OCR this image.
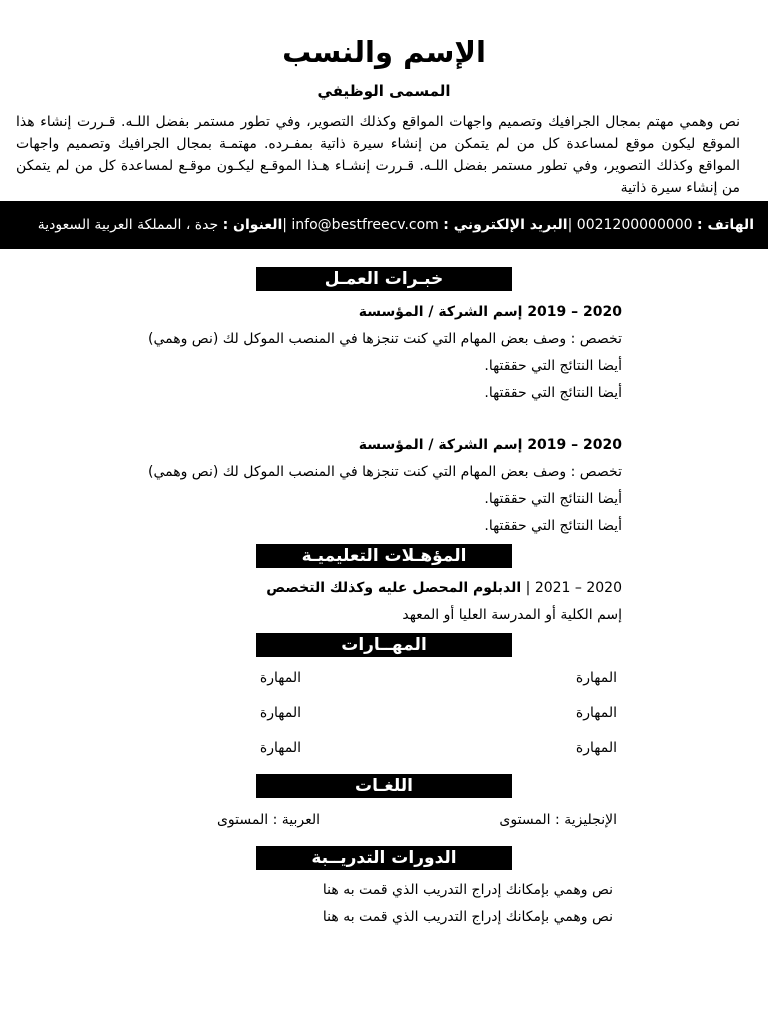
الإسم والنسب
المسمى الوظيفي
نص وهمي مهتم بمجال الجرافيك وتصميم واجهات المواقع وكذلك التصوير، وفي تطور مستمر بفضل اللـه. قـررت إنشاء هذا الموقع ليكون موقع لمساعدة كل من لم يتمكن من إنشاء سيرة ذاتية بمفـرده. مهتمـة بمجال الجرافيك وتصميم واجهات المواقع وكذلك التصوير، وفي تطور مستمر بفضل اللـه. قـررت إنشـاء هـذا الموقـع ليكـون موقـع لمساعدة كل من لم يتمكن من إنشاء سيرة ذاتية
الهاتف : 0021200000000 |البريد الإلكتروني : info@bestfreecv.com |العنوان : جدة ، المملكة العربية السعودية
خبـرات العمـل
2020 – 2019 إسم الشركة / المؤسسة
تخصص : وصف بعض المهام التي كنت تنجزها في المنصب الموكل لك (نص وهمي)
أيضا النتائج التي حققتها.
أيضا النتائج التي حققتها.
2020 – 2019 إسم الشركة / المؤسسة
تخصص : وصف بعض المهام التي كنت تنجزها في المنصب الموكل لك (نص وهمي)
أيضا النتائج التي حققتها.
أيضا النتائج التي حققتها.
المؤهـلات التعليميـة
2020 – 2021 | الدبلوم المحصل عليه وكذلك التخصص
إسم الكلية أو المدرسة العليا أو المعهد
المهــارات
المهارة
المهارة
المهارة
المهارة
المهارة
المهارة
اللغـات
الإنجليزية : المستوى
العربية : المستوى
الدورات التدريــبة
نص وهمي بإمكانك إدراج التدريب الذي قمت به هنا
نص وهمي بإمكانك إدراج التدريب الذي قمت به هنا
